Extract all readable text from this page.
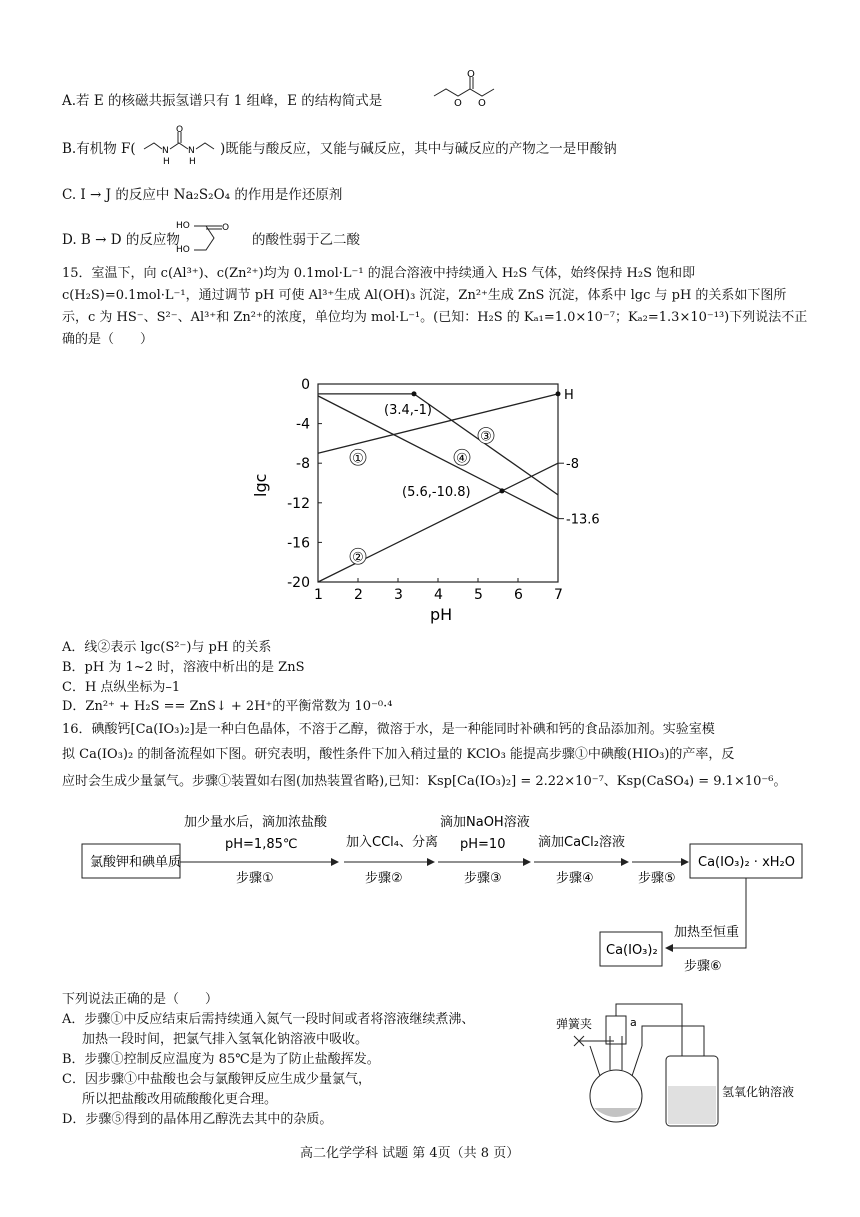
A.若 E 的核磁共振氢谱只有 1 组峰，E 的结构简式是
O
O O
B.有机物 F(
O
N N
H H
)既能与酸反应，又能与碱反应，其中与碱反应的产物之一是甲酸钠
C. I → J 的反应中 Na₂S₂O₄ 的作用是作还原剂
D. B → D 的反应物
HO
HO
O
的酸性弱于乙二酸
15．室温下，向 c(Al³⁺)、c(Zn²⁺)均为 0.1mol·L⁻¹ 的混合溶液中持续通入 H₂S 气体，始终保持 H₂S 饱和即
c(H₂S)=0.1mol·L⁻¹，通过调节 pH 可使 Al³⁺生成 Al(OH)₃ 沉淀，Zn²⁺生成 ZnS 沉淀，体系中 lgc 与 pH 的关系如下图所
示，c 为 HS⁻、S²⁻、Al³⁺和 Zn²⁺的浓度，单位均为 mol·L⁻¹。(已知：H₂S 的 Kₐ₁=1.0×10⁻⁷；Kₐ₂=1.3×10⁻¹³)下列说法不正
确的是（　　）
1 2 3 4 5 6 7
0
-4
-8
-12
-16
-20
pH
lgc
①
②
③
④
(3.4,-1)
(5.6,-10.8)
H
-8
-13.6
A．线②表示 lgc(S²⁻)与 pH 的关系
B．pH 为 1~2 时，溶液中析出的是 ZnS
C．H 点纵坐标为–1
D．Zn²⁺ + H₂S == ZnS↓ + 2H⁺的平衡常数为 10⁻⁰·⁴
16．碘酸钙[Ca(IO₃)₂]是一种白色晶体，不溶于乙醇，微溶于水，是一种能同时补碘和钙的食品添加剂。实验室模
拟 Ca(IO₃)₂ 的制备流程如下图。研究表明，酸性条件下加入稍过量的 KClO₃ 能提高步骤①中碘酸(HIO₃)的产率，反
应时会生成少量氯气。步骤①装置如右图(加热装置省略),已知：Ksp[Ca(IO₃)₂] = 2.22×10⁻⁷、Ksp(CaSO₄) = 9.1×10⁻⁶。
氯酸钾和碘单质
加少量水后，滴加浓盐酸
pH=1,85℃
步骤①
加入CCl₄、分离
步骤②
滴加NaOH溶液
pH=10
步骤③
滴加CaCl₂溶液
步骤④	步骤⑤
Ca(IO₃)₂ · xH₂O
加热至恒重
步骤⑥
Ca(IO₃)₂
下列说法正确的是（　　）
A．步骤①中反应结束后需持续通入氮气一段时间或者将溶液继续煮沸、
加热一段时间，把氯气排入氢氧化钠溶液中吸收。
B．步骤①控制反应温度为 85℃是为了防止盐酸挥发。
C．因步骤①中盐酸也会与氯酸钾反应生成少量氯气，
所以把盐酸改用硫酸酸化更合理。
D．步骤⑤得到的晶体用乙醇洗去其中的杂质。
弹簧夹	a
氢氧化钠溶液
高二化学学科 试题 第 4页（共 8 页）
